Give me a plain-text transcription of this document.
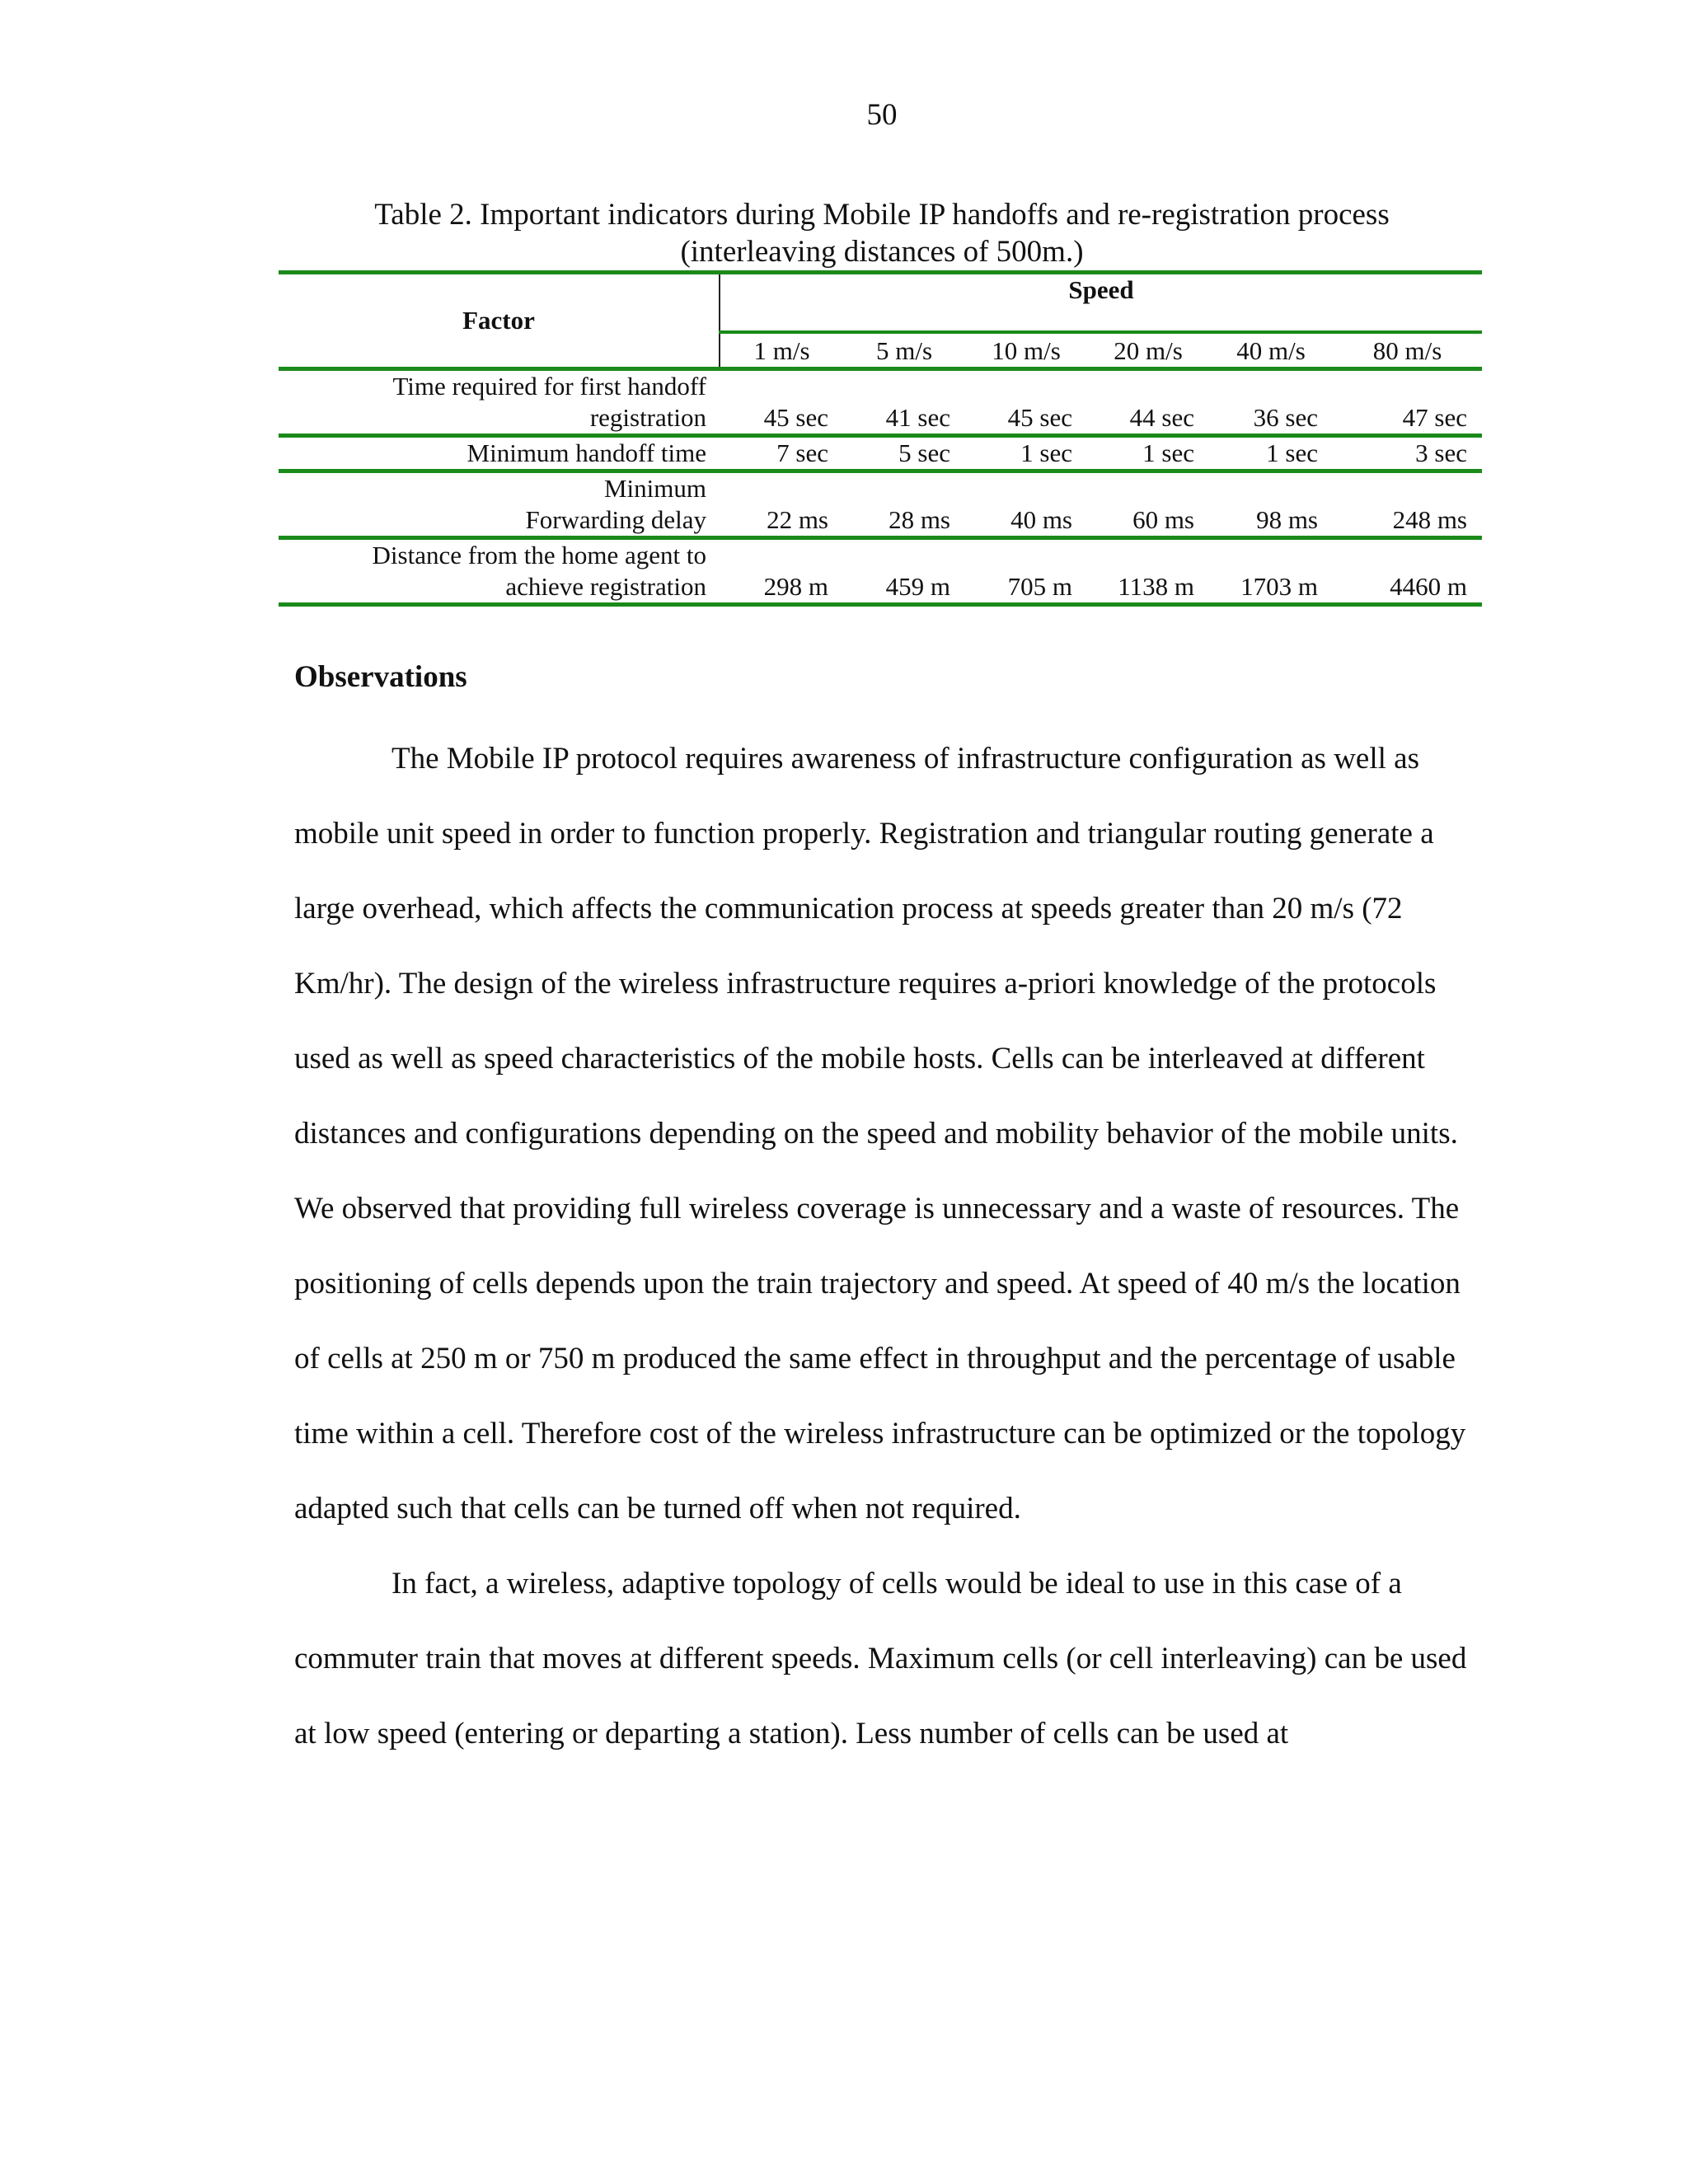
50
Table 2. Important indicators during Mobile IP handoffs and re-registration process
(interleaving distances of 500m.)
Factor	Speed					
	1 m/s	5 m/s	10 m/s	20 m/s	40 m/s	80 m/s

Time required for first handoff
registration	45 sec	41 sec	45 sec	44 sec	36 sec	47 sec

Minimum handoff time	7 sec	5 sec	1 sec	1 sec	1 sec	3 sec

Minimum
Forwarding delay	22 ms	28 ms	40 ms	60 ms	98 ms	248 ms

Distance from the home agent to
achieve registration	298 m	459 m	705 m	1138 m	1703 m	4460 m
Observations

The Mobile IP protocol requires awareness of infrastructure configuration as well as mobile unit speed in order to function properly. Registration and triangular routing generate a large overhead, which affects the communication process at speeds greater than 20 m/s (72 Km/hr). The design of the wireless infrastructure requires a-priori knowledge of the protocols used as well as speed characteristics of the mobile hosts. Cells can be interleaved at different distances and configurations depending on the speed and mobility behavior of the mobile units. We observed that providing full wireless coverage is unnecessary and a waste of resources. The positioning of cells depends upon the train trajectory and speed. At speed of 40 m/s the location of cells at 250 m or 750 m produced the same effect in throughput and the percentage of usable time within a cell. Therefore cost of the wireless infrastructure can be optimized or the topology adapted such that cells can be turned off when not required.

In fact, a wireless, adaptive topology of cells would be ideal to use in this case of a commuter train that moves at different speeds. Maximum cells (or cell interleaving) can be used at low speed (entering or departing a station). Less number of cells can be used at
